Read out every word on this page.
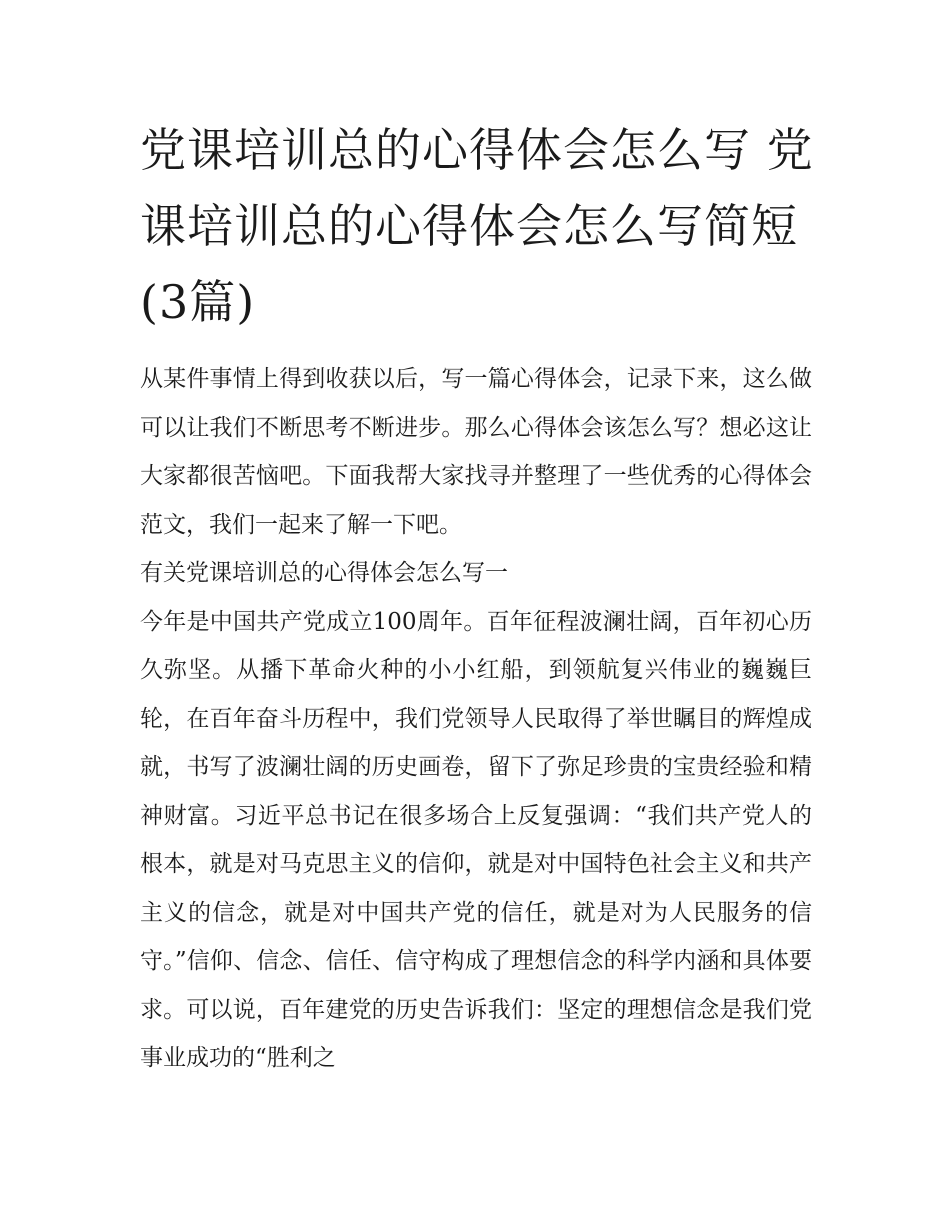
党课培训总的心得体会怎么写 党课培训总的心得体会怎么写简短(3篇)

从某件事情上得到收获以后，写一篇心得体会，记录下来，这么做可以让我们不断思考不断进步。那么心得体会该怎么写？想必这让大家都很苦恼吧。下面我帮大家找寻并整理了一些优秀的心得体会范文，我们一起来了解一下吧。

有关党课培训总的心得体会怎么写一

今年是中国共产党成立100周年。百年征程波澜壮阔，百年初心历久弥坚。从播下革命火种的小小红船，到领航复兴伟业的巍巍巨轮，在百年奋斗历程中，我们党领导人民取得了举世瞩目的辉煌成就，书写了波澜壮阔的历史画卷，留下了弥足珍贵的宝贵经验和精神财富。习近平总书记在很多场合上反复强调：“我们共产党人的根本，就是对马克思主义的信仰，就是对中国特色社会主义和共产主义的信念，就是对中国共产党的信任，就是对为人民服务的信守。”信仰、信念、信任、信守构成了理想信念的科学内涵和具体要求。可以说，百年建党的历史告诉我们：坚定的理想信念是我们党事业成功的“胜利之
